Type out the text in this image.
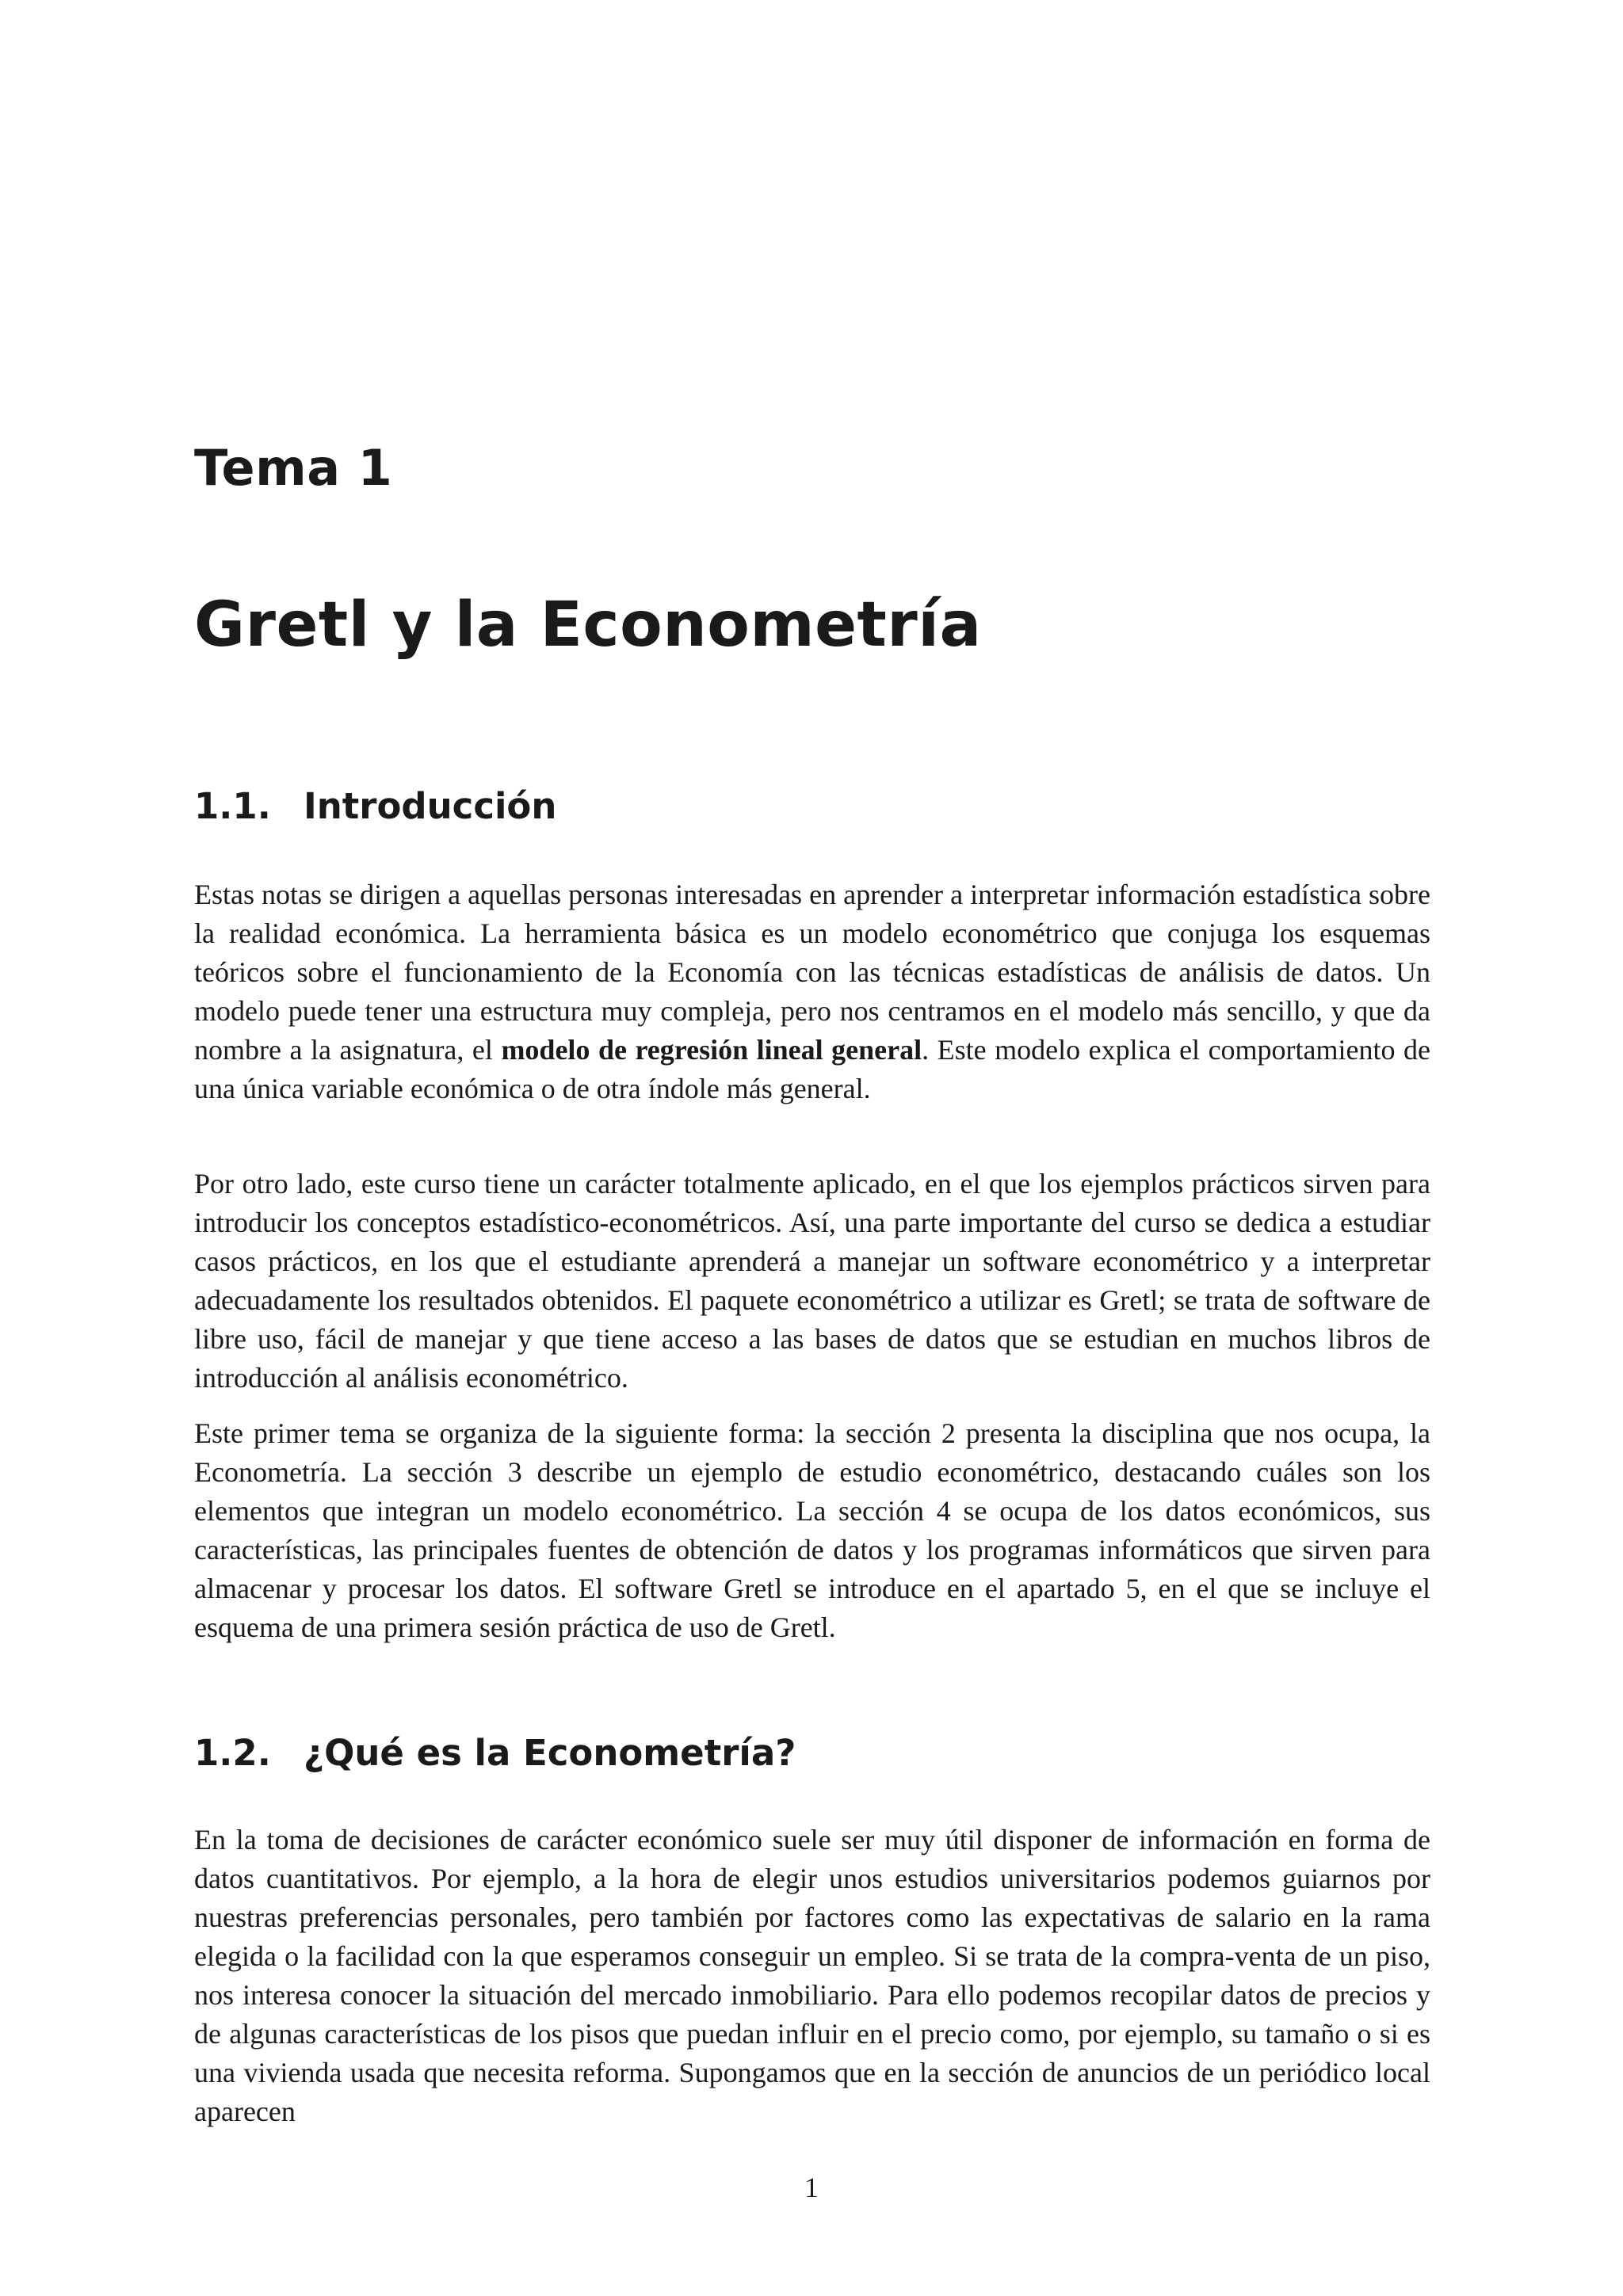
Tema 1
Gretl y la Econometría
1.1. Introducción

Estas notas se dirigen a aquellas personas interesadas en aprender a interpretar información estadística sobre la realidad económica. La herramienta básica es un modelo econométrico que conjuga los esquemas teóricos sobre el funcionamiento de la Economía con las técnicas estadísticas de análisis de datos. Un modelo puede tener una estructura muy compleja, pero nos centramos en el modelo más sencillo, y que da nombre a la asignatura, el modelo de regresión lineal general. Este modelo explica el comportamiento de una única variable económica o de otra índole más general.

Por otro lado, este curso tiene un carácter totalmente aplicado, en el que los ejemplos prácticos sirven para introducir los conceptos estadístico-econométricos. Así, una parte importante del curso se dedica a estudiar casos prácticos, en los que el estudiante aprenderá a manejar un software econométrico y a interpretar adecuadamente los resultados obtenidos. El paquete econométrico a utilizar es Gretl; se trata de software de libre uso, fácil de manejar y que tiene acceso a las bases de datos que se estudian en muchos libros de introducción al análisis econométrico.

Este primer tema se organiza de la siguiente forma: la sección 2 presenta la disciplina que nos ocupa, la Econometría. La sección 3 describe un ejemplo de estudio econométrico, destacando cuáles son los elementos que integran un modelo econométrico. La sección 4 se ocupa de los datos económicos, sus características, las principales fuentes de obtención de datos y los programas informáticos que sirven para almacenar y procesar los datos. El software Gretl se introduce en el apartado 5, en el que se incluye el esquema de una primera sesión práctica de uso de Gretl.

1.2. ¿Qué es la Econometría?

En la toma de decisiones de carácter económico suele ser muy útil disponer de información en forma de datos cuantitativos. Por ejemplo, a la hora de elegir unos estudios universitarios podemos guiarnos por nuestras preferencias personales, pero también por factores como las expectativas de salario en la rama elegida o la facilidad con la que esperamos conseguir un empleo. Si se trata de la compra-venta de un piso, nos interesa conocer la situación del mercado inmobiliario. Para ello podemos recopilar datos de precios y de algunas características de los pisos que puedan influir en el precio como, por ejemplo, su tamaño o si es una vivienda usada que necesita reforma. Supongamos que en la sección de anuncios de un periódico local aparecen

1
